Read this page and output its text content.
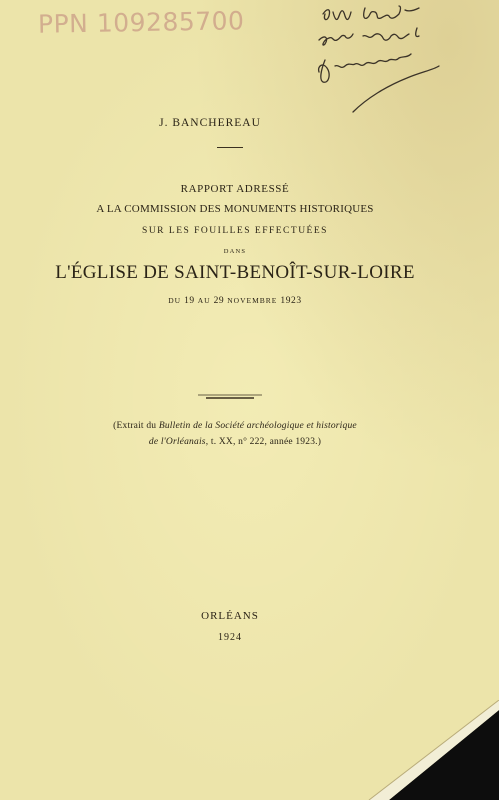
PPN 109285700
J. BANCHEREAU
RAPPORT ADRESSÉ
A LA COMMISSION DES MONUMENTS HISTORIQUES
SUR LES FOUILLES EFFECTUÉES
DANS
L'ÉGLISE DE SAINT-BENOÎT-SUR-LOIRE
DU 19 AU 29 NOVEMBRE 1923
(Extrait du Bulletin de la Société archéologique et historique
de l'Orléanais, t. XX, n° 222, année 1923.)
ORLÉANS
1924
